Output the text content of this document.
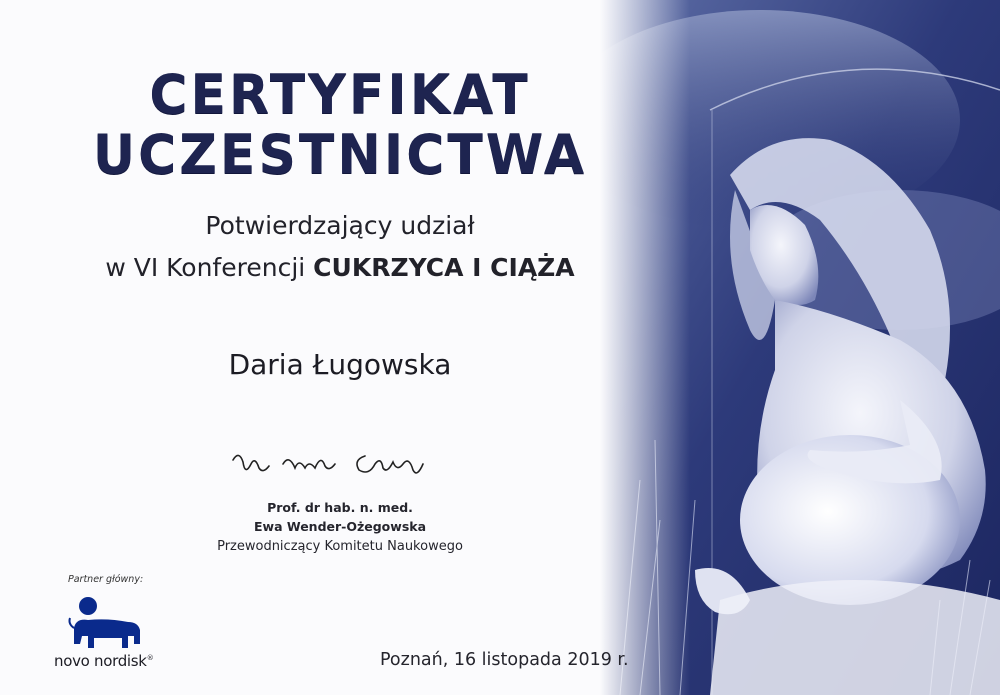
CERTYFIKAT
UCZESTNICTWA
Potwierdzający udział
w VI Konferencji CUKRZYCA I CIĄŻA
Daria Ługowska
Prof. dr hab. n. med.
Ewa Wender-Ożegowska
Przewodniczący Komitetu Naukowego
Partner główny:
novo nordisk®	Poznań, 16 listopada 2019 r.
